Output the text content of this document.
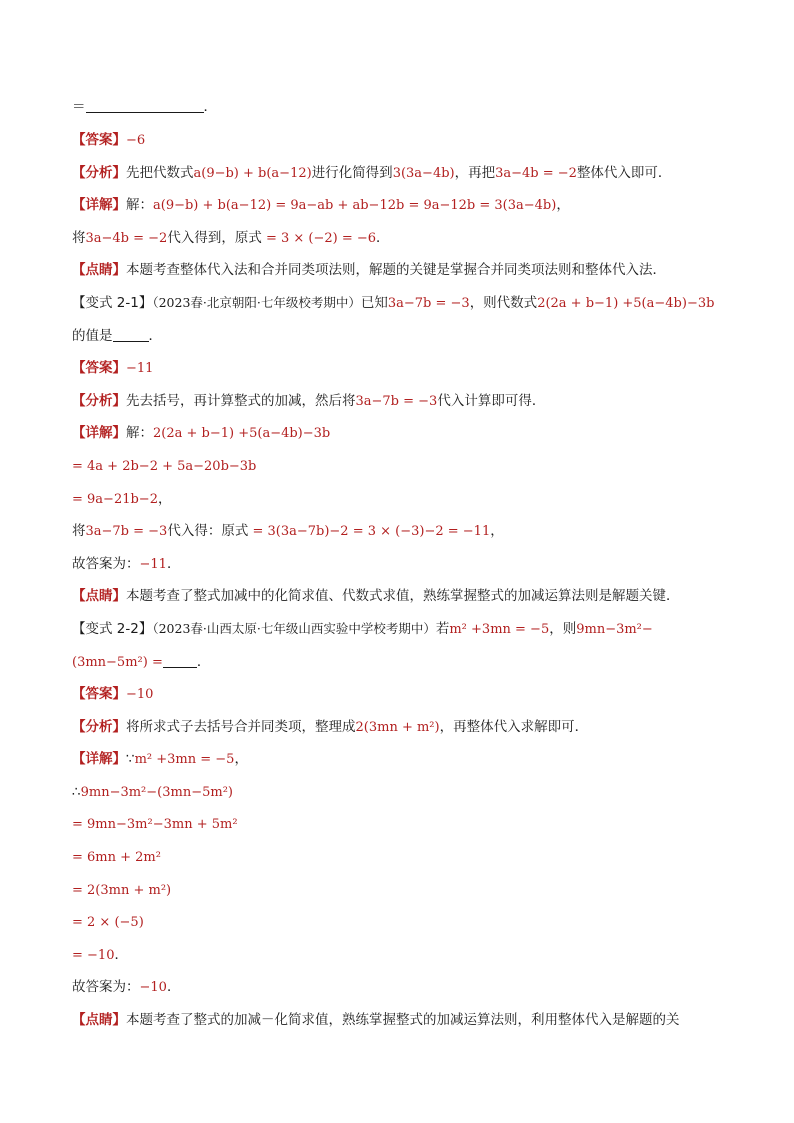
＝	．
【答案】−6
【分析】先把代数式a(9−b) + b(a−12)进行化简得到3(3a−4b)，再把3a−4b = −2整体代入即可．
【详解】解：a(9−b) + b(a−12) = 9a−ab + ab−12b = 9a−12b = 3(3a−4b)，
将3a−4b = −2代入得到，原式 = 3 × (−2) = −6．
【点睛】本题考查整体代入法和合并同类项法则，解题的关键是掌握合并同类项法则和整体代入法．
【变式 2-1】（2023春·北京朝阳·七年级校考期中）已知3a−7b = −3，则代数式2(2a + b−1) +5(a−4b)−3b
的值是	．
【答案】−11
【分析】先去括号，再计算整式的加减，然后将3a−7b = −3代入计算即可得．
【详解】解：2(2a + b−1) +5(a−4b)−3b
= 4a + 2b−2 + 5a−20b−3b
= 9a−21b−2，
将3a−7b = −3代入得：原式 = 3(3a−7b)−2 = 3 × (−3)−2 = −11，
故答案为：−11．
【点睛】本题考查了整式加减中的化简求值、代数式求值，熟练掌握整式的加减运算法则是解题关键．
【变式 2-2】（2023春·山西太原·七年级山西实验中学校考期中）若m² +3mn = −5，则9mn−3m²−
(3mn−5m²) =	．
【答案】−10
【分析】将所求式子去括号合并同类项，整理成2(3mn + m²)，再整体代入求解即可．
【详解】∵m² +3mn = −5，
∴9mn−3m²−(3mn−5m²)
= 9mn−3m²−3mn + 5m²
= 6mn + 2m²
= 2(3mn + m²)
= 2 × (−5)
= −10．
故答案为：−10．
【点睛】本题考查了整式的加减－化简求值，熟练掌握整式的加减运算法则，利用整体代入是解题的关
